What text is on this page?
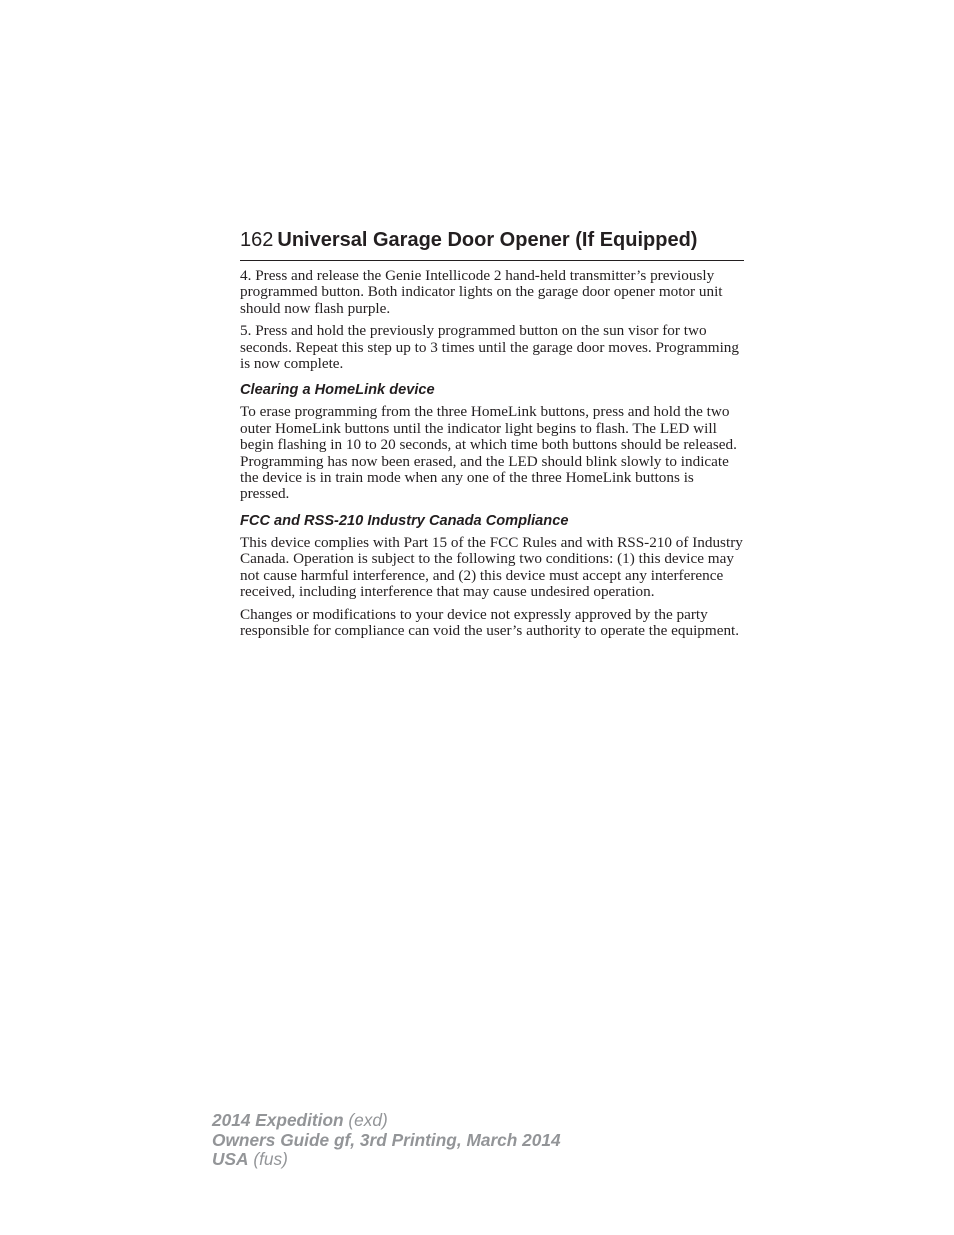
162 Universal Garage Door Opener (If Equipped)

4. Press and release the Genie Intellicode 2 hand-held transmitter’s previously programmed button. Both indicator lights on the garage door opener motor unit should now flash purple.

5. Press and hold the previously programmed button on the sun visor for two seconds. Repeat this step up to 3 times until the garage door moves. Programming is now complete.

Clearing a HomeLink device

To erase programming from the three HomeLink buttons, press and hold the two outer HomeLink buttons until the indicator light begins to flash. The LED will begin flashing in 10 to 20 seconds, at which time both buttons should be released. Programming has now been erased, and the LED should blink slowly to indicate the device is in train mode when any one of the three HomeLink buttons is pressed.

FCC and RSS-210 Industry Canada Compliance

This device complies with Part 15 of the FCC Rules and with RSS-210 of Industry Canada. Operation is subject to the following two conditions: (1) this device may not cause harmful interference, and (2) this device must accept any interference received, including interference that may cause undesired operation.

Changes or modifications to your device not expressly approved by the party responsible for compliance can void the user’s authority to operate the equipment.

2014 Expedition (exd)
Owners Guide gf, 3rd Printing, March 2014
USA (fus)
